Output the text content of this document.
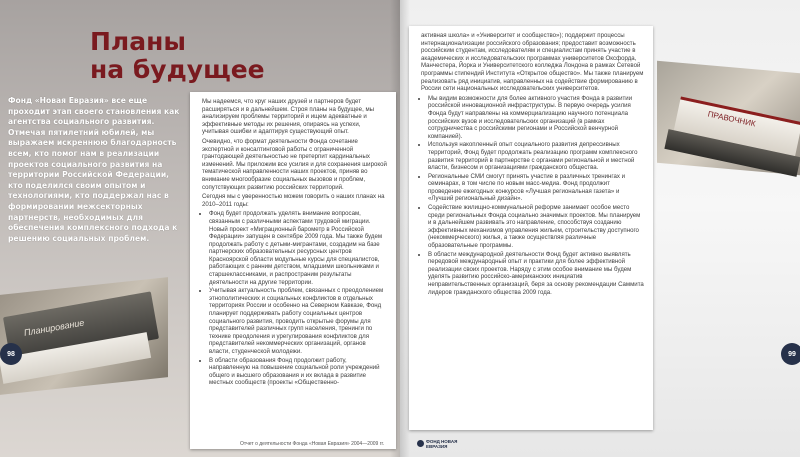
Планы
на будущее

Фонд «Новая Евразия» все еще проходит этап своего становления как агентства социального развития. Отмечая пятилетний юбилей, мы выражаем искреннюю благодарность всем, кто помог нам в реализации проектов социального развития на территории Российской Федерации, кто поделился своим опытом и технологиями, кто поддержал нас в формировании межсекторных партнерств, необходимых для обеспечения комплексного подхода к решению социальных проблем.

Планирование

Мы надеемся, что круг наших друзей и партнеров будет расширяться и в дальнейшем. Строя планы на будущее, мы анализируем проблемы территорий и ищем адекватные и эффективные методы их решения, опираясь на успехи, учитывая ошибки и адаптируя существующий опыт.

Очевидно, что формат деятельности Фонда сочетание экспертной и консалтинговой работы с ограниченной грантодающей деятельностью не претерпит кардинальных изменений. Мы приложим все усилия и для сохранения широкой тематической направленности наших проектов, приняв во внимание многообразие социальных вызовов и проблем, сопутствующих развитию российских территорий.

Сегодня мы с уверенностью можем говорить о наших планах на 2010–2011 годы:

• Фонд будет продолжать уделять внимание вопросам, связанным с различными аспектами трудовой миграции. Новый проект «Миграционный барометр в Российской Федерации» запущен в сентябре 2009 года. Мы также будем продолжать работу с детьми-мигрантами, создадим на базе партнерских образовательных ресурсных центров Красноярской области модульные курсы для специалистов, работающих с ранним детством, младшими школьниками и старшеклассниками, и распространим результаты деятельности на другие территории.
• Учитывая актуальность проблем, связанных с преодолением этнополитических и социальных конфликтов в отдельных территориях России и особенно на Северном Кавказе, Фонд планирует поддерживать работу социальных центров социального развития, проводить открытые форумы для представителей различных групп населения, тренинги по технике преодоления и урегулирования конфликтов для представителей некоммерческих организаций, органов власти, студенческой молодежи.
• В области образования Фонд продолжит работу, направленную на повышение социальной роли учреждений общего и высшего образования и их вклада в развитие местных сообществ (проекты «Общественно-

активная школа» и «Университет и сообщество»); поддержит процессы интернационализации российского образования; предоставит возможность российским студентам, исследователям и специалистам принять участие в академических и исследовательских программах университетов Оксфорда, Манчестера, Йорка и Университетского колледжа Лондона в рамках Сетевой программы стипендий Института «Открытое общество». Мы также планируем реализовать ряд инициатив, направленных на содействие формированию в России сети национальных исследовательских университетов.

• Мы видим возможности для более активного участия Фонда в развитии российской инновационной инфраструктуры. В первую очередь усилия Фонда будут направлены на коммерциализацию научного потенциала российских вузов и исследовательских организаций (в рамках сотрудничества с российскими регионами и Российской венчурной компанией).
• Используя накопленный опыт социального развития депрессивных территорий, Фонд будет продолжать реализацию программ комплексного развития территорий в партнерстве с органами региональной и местной власти, бизнесом и организациями гражданского общества.
• Региональные СМИ смогут принять участие в различных тренингах и семинарах, в том числе по новым масс-медиа. Фонд продолжит проведение ежегодных конкурсов «Лучшая региональная газета» и «Лучший региональный дизайн».
• Содействие жилищно-коммунальной реформе занимает особое место среди региональных Фонда социально значимых проектов. Мы планируем и в дальнейшем развивать это направление, способствуя созданию эффективных механизмов управления жильем, строительству доступного (некоммерческого) жилья, а также осуществляя различные образовательные программы.
• В области международной деятельности Фонд будет активно выявлять передовой международный опыт и практики для более эффективной реализации своих проектов. Наряду с этим особое внимание мы будем уделять развитию российско-американских инициатив неправительственных организаций, беря за основу рекомендации Саммита лидеров гражданского общества 2009 года.
ПРАВОЧНИК
98	99
Отчет о деятельности Фонда «Новая Евразия» 2004—2009 гг.	ФОНД НОВАЯ
ЕВРАЗИЯ
